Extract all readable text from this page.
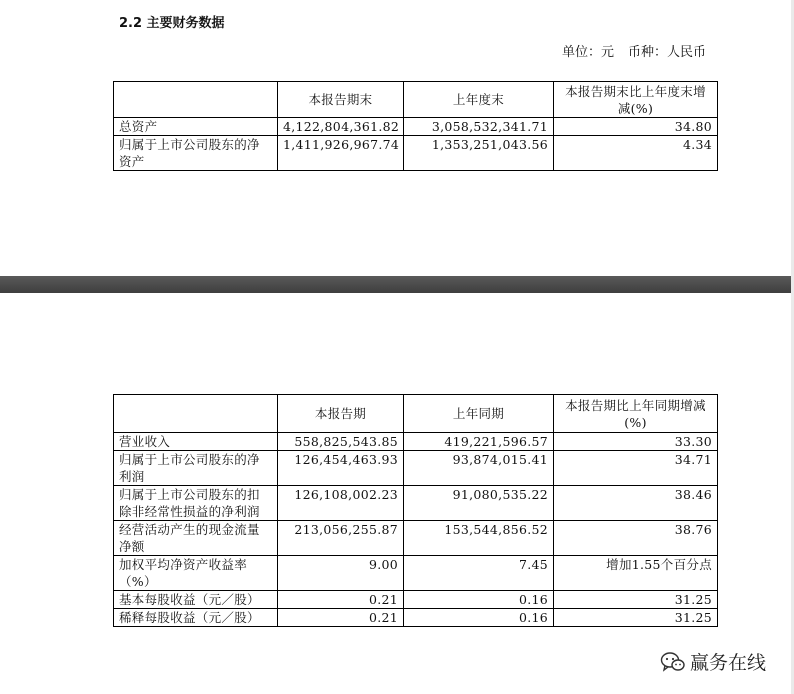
2.2 主要财务数据
单位：元 币种：人民币
	本报告期末	上年度末	本报告期末比上年度末增减(%)
总资产	4,122,804,361.82	3,058,532,341.71	34.80
归属于上市公司股东的净资产	1,411,926,967.74	1,353,251,043.56	4.34
	本报告期	上年同期	本报告期比上年同期增减(%)
营业收入	558,825,543.85	419,221,596.57	33.30
归属于上市公司股东的净利润	126,454,463.93	93,874,015.41	34.71
归属于上市公司股东的扣除非经常性损益的净利润	126,108,002.23	91,080,535.22	38.46
经营活动产生的现金流量净额	213,056,255.87	153,544,856.52	38.76
加权平均净资产收益率（%）	9.00	7.45	增加1.55个百分点
基本每股收益（元／股）	0.21	0.16	31.25
稀释每股收益（元／股）	0.21	0.16	31.25
赢务在线
